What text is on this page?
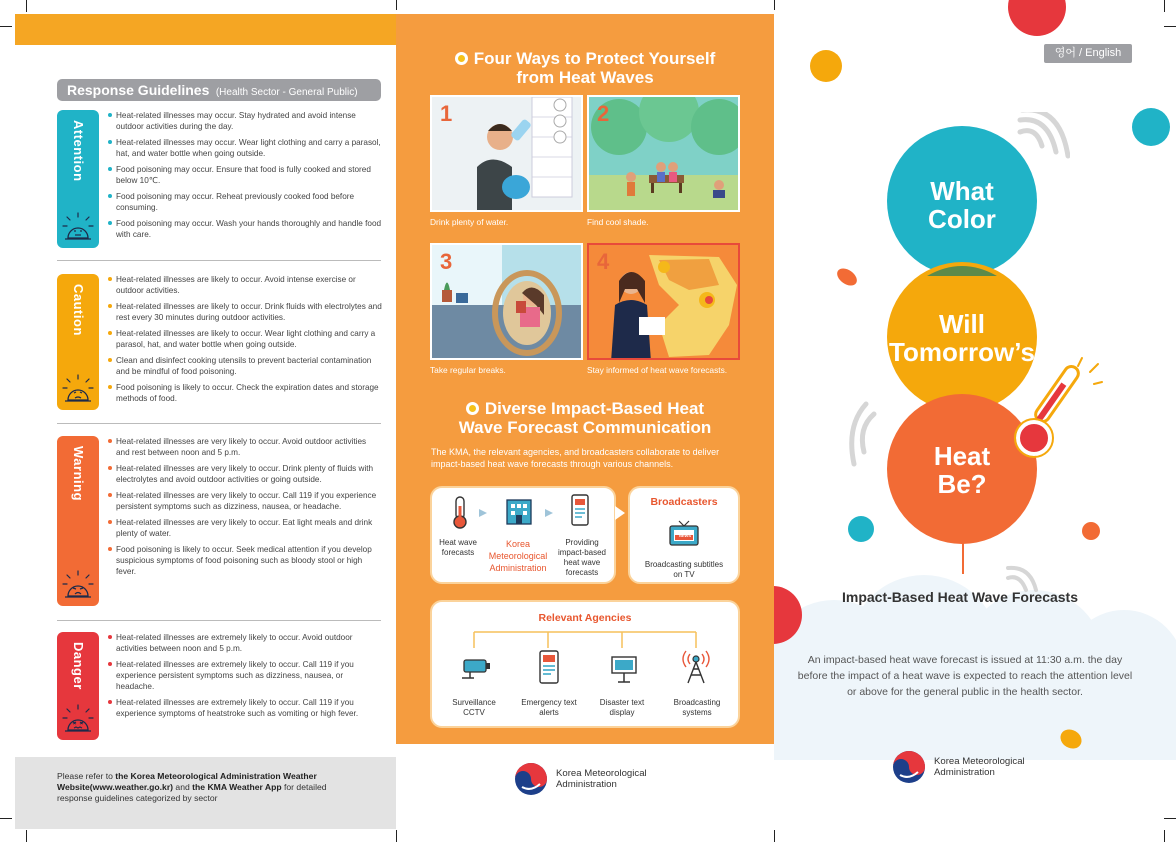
Response Guidelines (Health Sector - General Public)
Attention
Heat-related illnesses may occur. Stay hydrated and avoid intense outdoor activities during the day.
Heat-related illnesses may occur. Wear light clothing and carry a parasol, hat, and water bottle when going outside.
Food poisoning may occur. Ensure that food is fully cooked and stored below 10℃.
Food poisoning may occur. Reheat previously cooked food before consuming.
Food poisoning may occur. Wash your hands thoroughly and handle food with care.
Caution
Heat-related illnesses are likely to occur. Avoid intense exercise or outdoor activities.
Heat-related illnesses are likely to occur. Drink fluids with electrolytes and rest every 30 minutes during outdoor activities.
Heat-related illnesses are likely to occur. Wear light clothing and carry a parasol, hat, and water bottle when going outside.
Clean and disinfect cooking utensils to prevent bacterial contamination and be mindful of food poisoning.
Food poisoning is likely to occur. Check the expiration dates and storage methods of food.
Warning
Heat-related illnesses are very likely to occur. Avoid outdoor activities and rest between noon and 5 p.m.
Heat-related illnesses are very likely to occur. Drink plenty of fluids with electrolytes and avoid outdoor activities or going outside.
Heat-related illnesses are very likely to occur. Call 119 if you experience persistent symptoms such as dizziness, nausea, or headache.
Heat-related illnesses are very likely to occur. Eat light meals and drink plenty of water.
Food poisoning is likely to occur. Seek medical attention if you develop suspicious symptoms of food poisoning such as bloody stool or high fever.
Danger
Heat-related illnesses are extremely likely to occur. Avoid outdoor activities between noon and 5 p.m.
Heat-related illnesses are extremely likely to occur. Call 119 if you experience persistent symptoms such as dizziness, nausea, or headache.
Heat-related illnesses are extremely likely to occur. Call 119 if you experience symptoms of heatstroke such as vomiting or high fever.
Please refer to the Korea Meteorological Administration Weather Website(www.weather.go.kr) and the KMA Weather App for detailed response guidelines categorized by sector
Four Ways to Protect Yourself
from Heat Waves
1
Drink plenty of water.
2
Find cool shade.
3
Take regular breaks.
4
Stay informed of heat wave forecasts.
Diverse Impact-Based Heat
Wave Forecast Communication
The KMA, the relevant agencies, and broadcasters collaborate to deliver impact-based heat wave forecasts through various channels.
Heat wave forecasts
Korea Meteorological Administration
Providing impact-based heat wave forecasts
Broadcasters
NEWS
Broadcasting subtitles on TV
Relevant Agencies
Surveillance CCTV
Emergency text alerts
Disaster text display
Broadcasting systems
Korea Meteorological Administration
What Color
Will Tomorrow’s
Heat Be?
영어 / English
Impact-Based Heat Wave Forecasts
An impact-based heat wave forecast is issued at 11:30 a.m. the day before the impact of a heat wave is expected to reach the attention level or above for the general public in the health sector.
Korea Meteorological Administration
